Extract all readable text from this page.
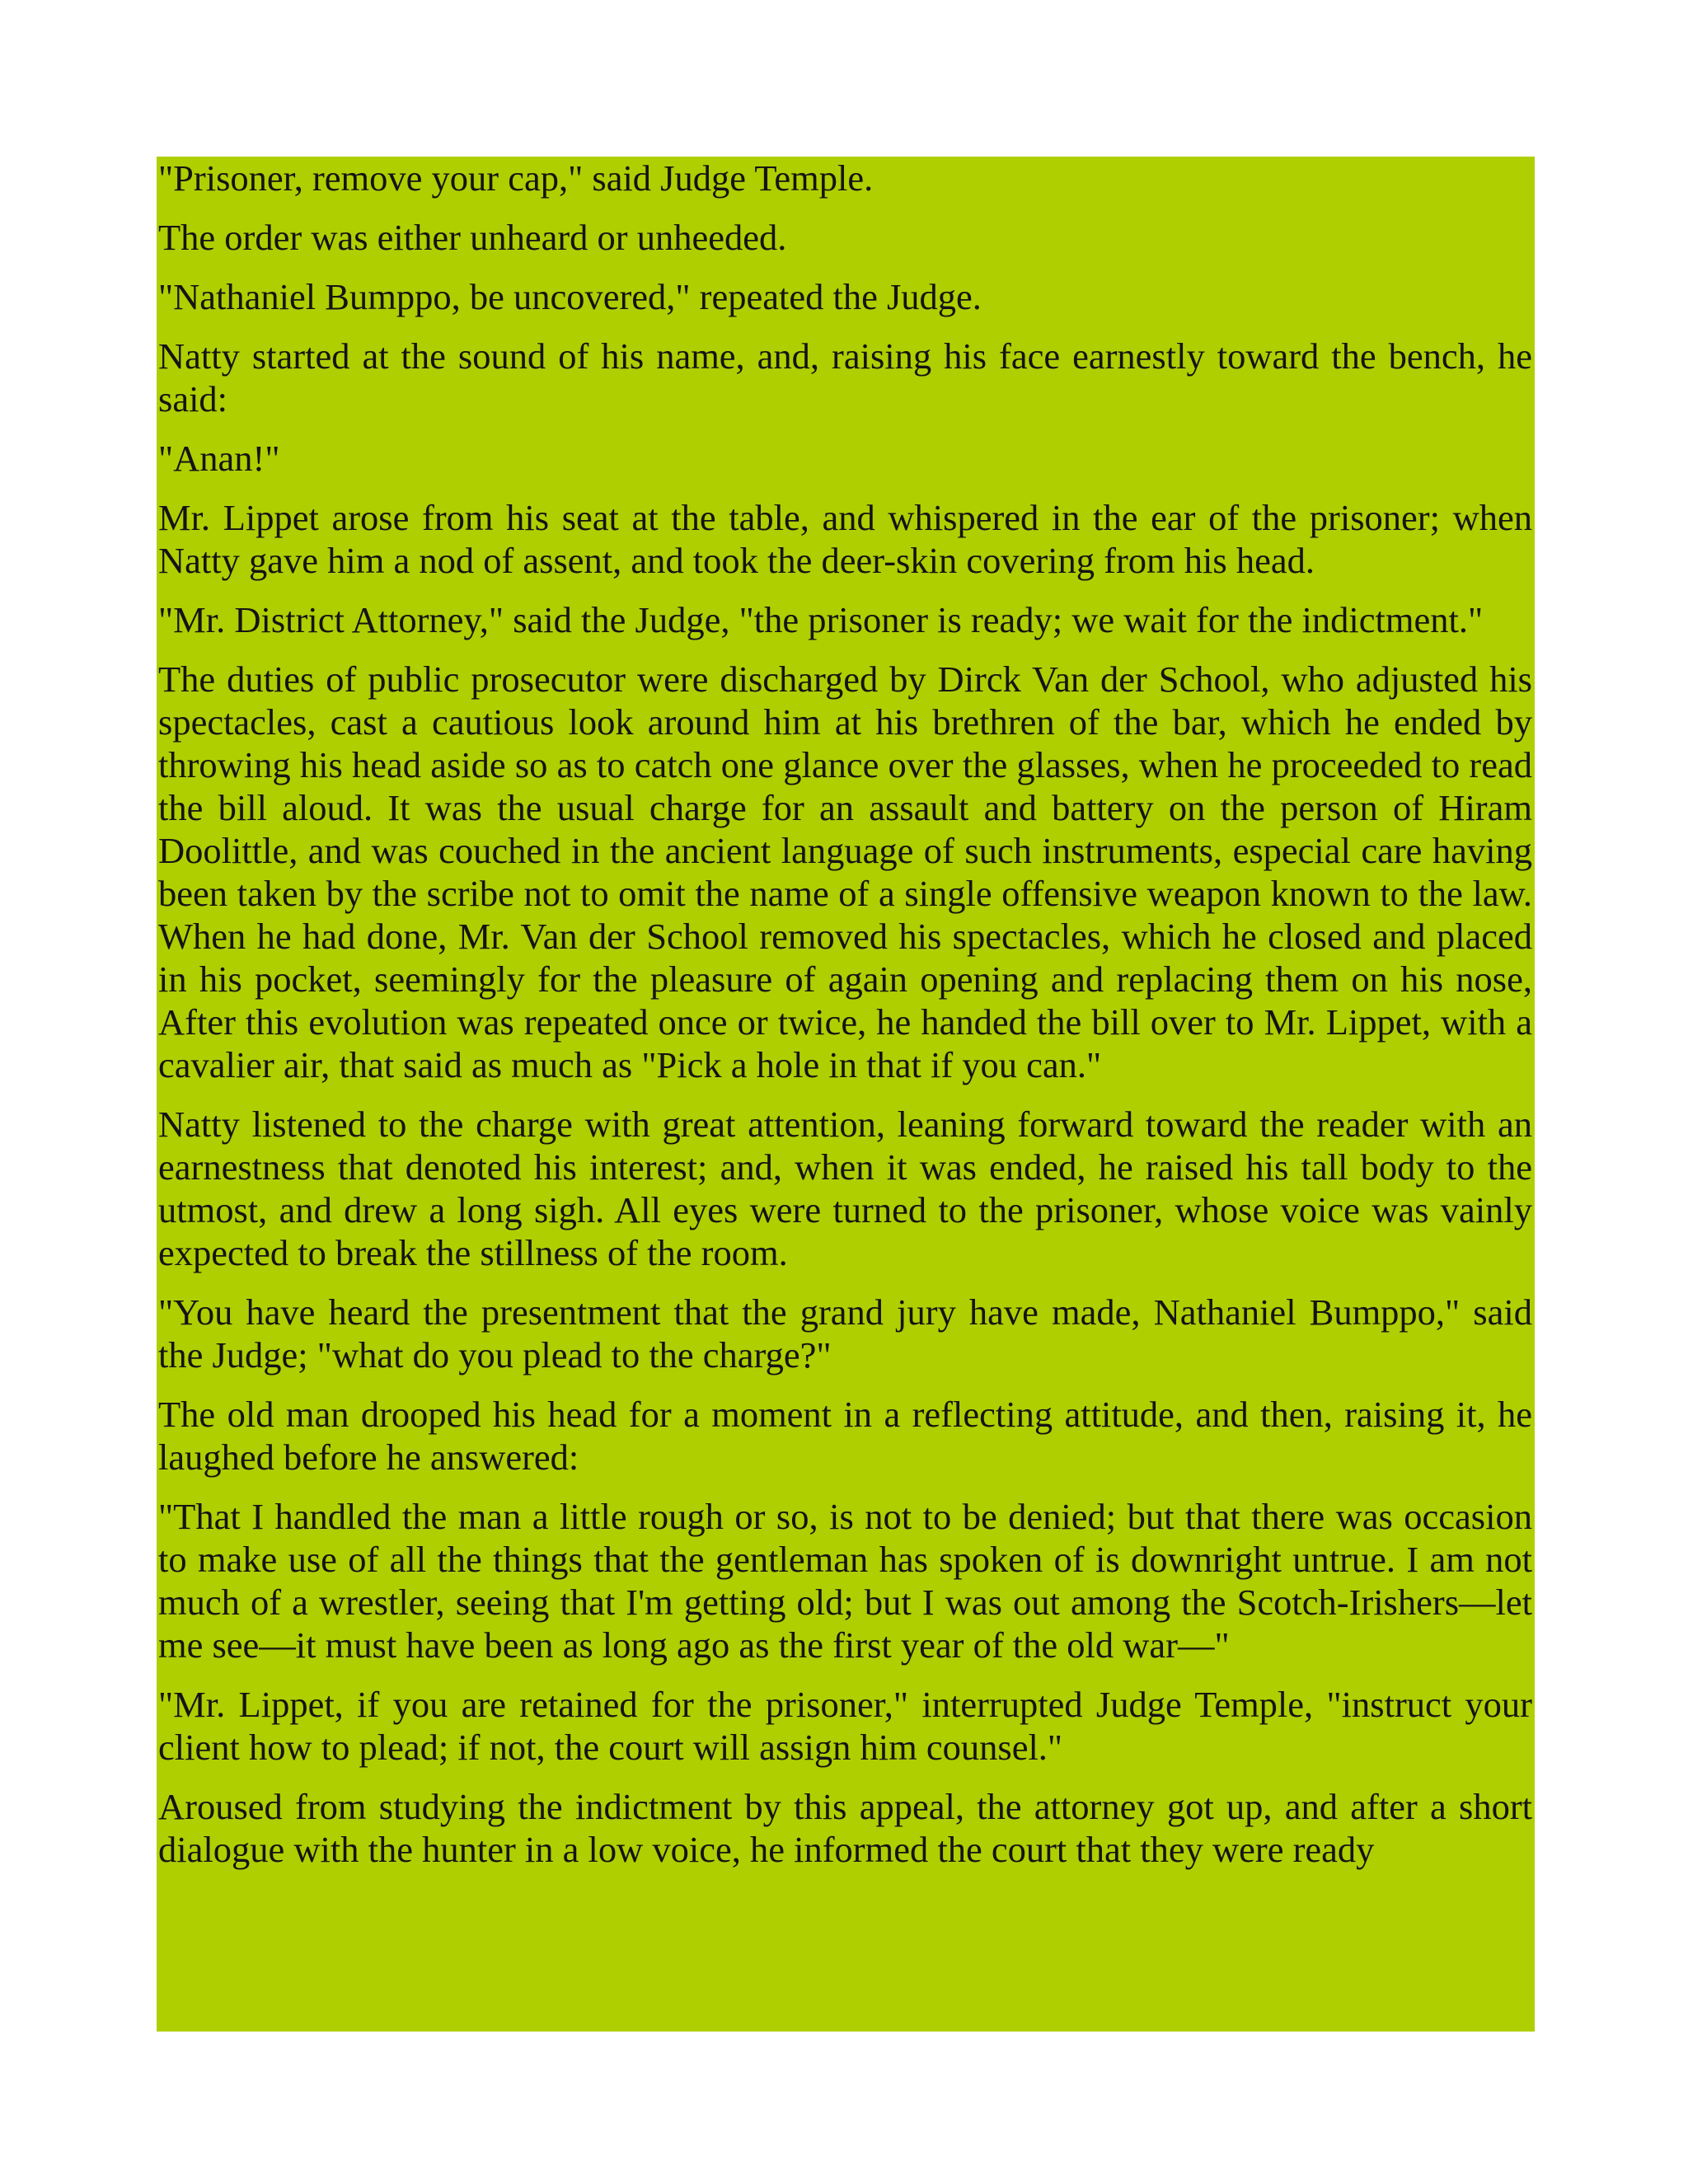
"Prisoner, remove your cap," said Judge Temple.

The order was either unheard or unheeded.

"Nathaniel Bumppo, be uncovered," repeated the Judge.

Natty started at the sound of his name, and, raising his face earnestly toward the bench, he said:

"Anan!"

Mr. Lippet arose from his seat at the table, and whispered in the ear of the prisoner; when Natty gave him a nod of assent, and took the deer-skin covering from his head.

"Mr. District Attorney," said the Judge, "the prisoner is ready; we wait for the indictment."

The duties of public prosecutor were discharged by Dirck Van der School, who adjusted his spectacles, cast a cautious look around him at his brethren of the bar, which he ended by throwing his head aside so as to catch one glance over the glasses, when he proceeded to read the bill aloud. It was the usual charge for an assault and battery on the person of Hiram Doolittle, and was couched in the ancient language of such instruments, especial care having been taken by the scribe not to omit the name of a single offensive weapon known to the law. When he had done, Mr. Van der School removed his spectacles, which he closed and placed in his pocket, seemingly for the pleasure of again opening and replacing them on his nose, After this evolution was repeated once or twice, he handed the bill over to Mr. Lippet, with a cavalier air, that said as much as "Pick a hole in that if you can."

Natty listened to the charge with great attention, leaning forward toward the reader with an earnestness that denoted his interest; and, when it was ended, he raised his tall body to the utmost, and drew a long sigh. All eyes were turned to the prisoner, whose voice was vainly expected to break the stillness of the room.

"You have heard the presentment that the grand jury have made, Nathaniel Bumppo," said the Judge; "what do you plead to the charge?"

The old man drooped his head for a moment in a reflecting attitude, and then, raising it, he laughed before he answered:

"That I handled the man a little rough or so, is not to be denied; but that there was occasion to make use of all the things that the gentleman has spoken of is downright untrue. I am not much of a wrestler, seeing that I'm getting old; but I was out among the Scotch-Irishers—let me see—it must have been as long ago as the first year of the old war—"

"Mr. Lippet, if you are retained for the prisoner," interrupted Judge Temple, "instruct your client how to plead; if not, the court will assign him counsel."

Aroused from studying the indictment by this appeal, the attorney got up, and after a short dialogue with the hunter in a low voice, he informed the court that they were ready
